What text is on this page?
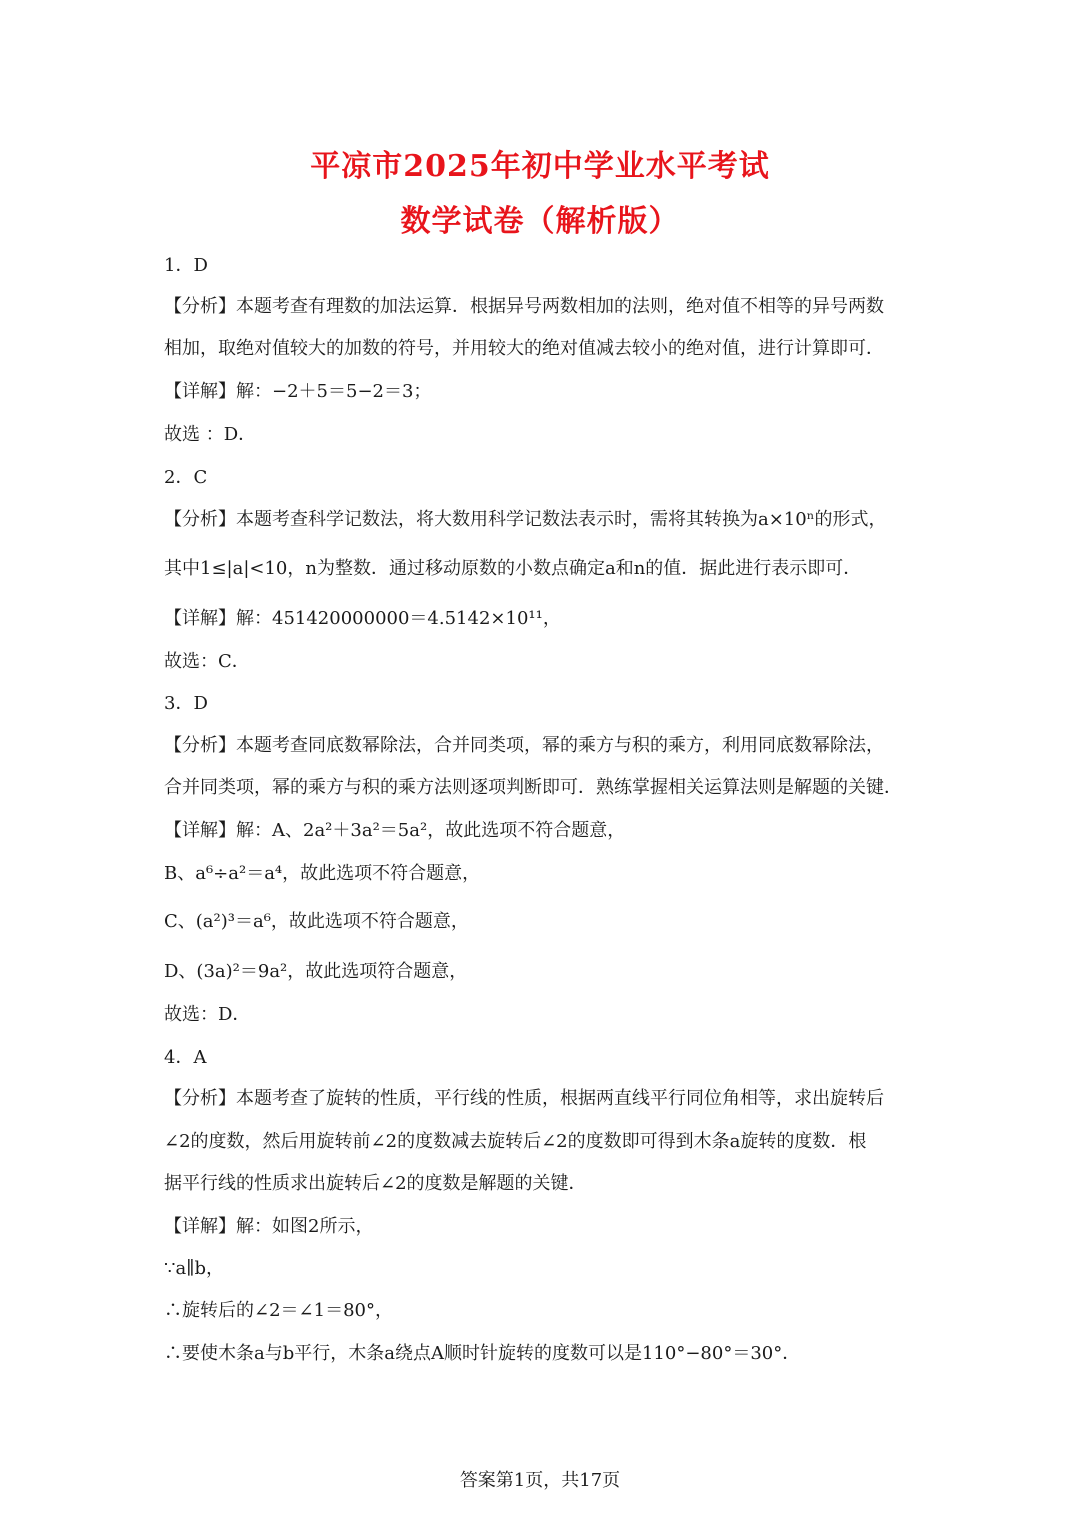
平凉市2025年初中学业水平考试
数学试卷（解析版）
1．D
【分析】本题考查有理数的加法运算．根据异号两数相加的法则，绝对值不相等的异号两数
相加，取绝对值较大的加数的符号，并用较大的绝对值减去较小的绝对值，进行计算即可．
【详解】解：−2＋5＝5−2＝3；
故选 ：D．
2．C
【分析】本题考查科学记数法，将大数用科学记数法表示时，需将其转换为a×10ⁿ的形式，
其中1≤|a|<10，n为整数．通过移动原数的小数点确定a和n的值．据此进行表示即可．
【详解】解：451420000000＝4.5142×10¹¹，
故选：C．
3．D
【分析】本题考查同底数幂除法，合并同类项，幂的乘方与积的乘方，利用同底数幂除法，
合并同类项，幂的乘方与积的乘方法则逐项判断即可．熟练掌握相关运算法则是解题的关键．
【详解】解：A、2a²＋3a²＝5a²，故此选项不符合题意，
B、a⁶÷a²＝a⁴，故此选项不符合题意，
C、(a²)³＝a⁶，故此选项不符合题意，
D、(3a)²＝9a²，故此选项符合题意，
故选：D．
4．A
【分析】本题考查了旋转的性质，平行线的性质，根据两直线平行同位角相等，求出旋转后
∠2的度数，然后用旋转前∠2的度数减去旋转后∠2的度数即可得到木条a旋转的度数．根
据平行线的性质求出旋转后∠2的度数是解题的关键．
【详解】解：如图2所示，
∵a∥b，
∴旋转后的∠2＝∠1＝80°，
∴要使木条a与b平行，木条a绕点A顺时针旋转的度数可以是110°−80°＝30°．
答案第1页，共17页
